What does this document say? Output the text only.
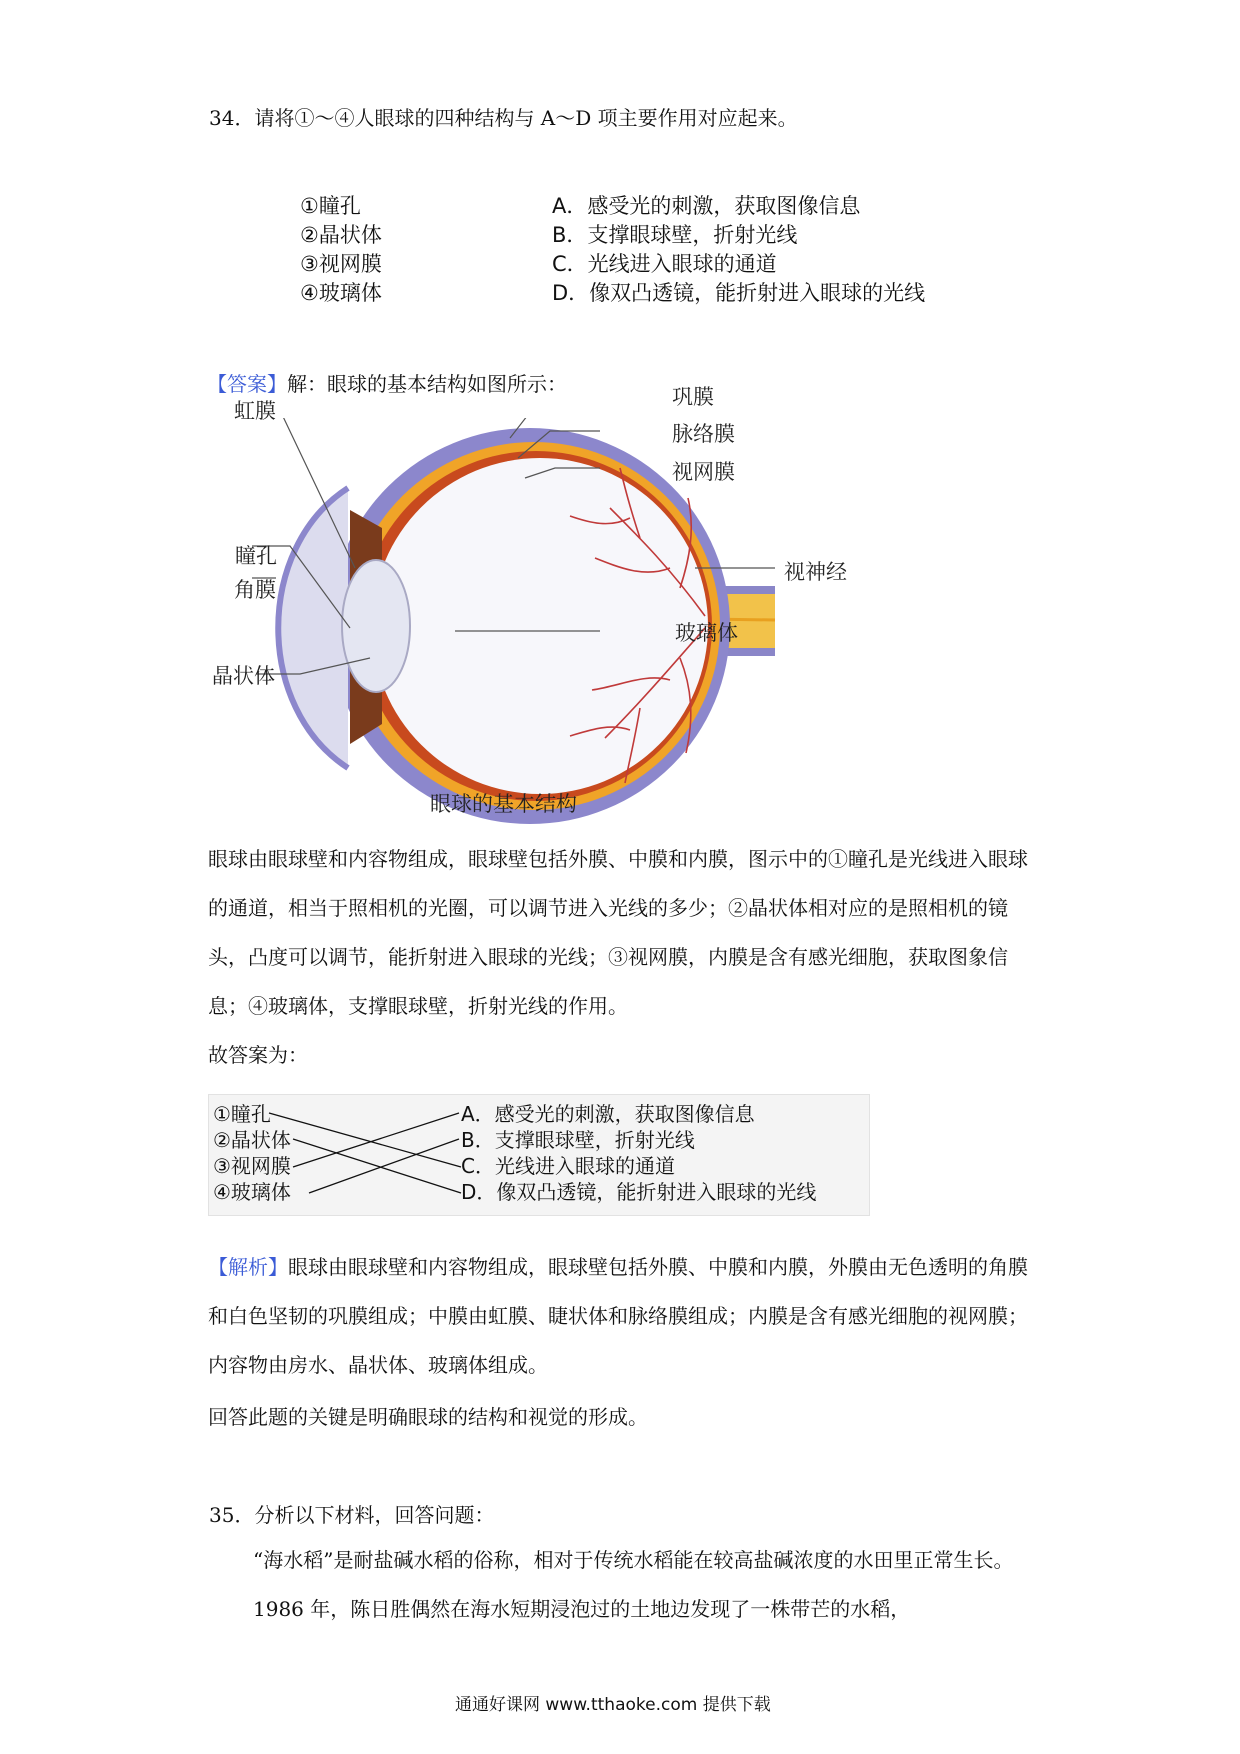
34．请将①～④人眼球的四种结构与 A～D 项主要作用对应起来。
①瞳孔
②晶状体
③视网膜
④玻璃体
A．感受光的刺激，获取图像信息
B．支撑眼球壁，折射光线
C．光线进入眼球的通道
D．像双凸透镜，能折射进入眼球的光线
【答案】解：眼球的基本结构如图所示：
虹膜
瞳孔
角膜
晶状体
巩膜
脉络膜
视网膜
视神经
玻璃体
眼球的基本结构
眼球由眼球壁和内容物组成，眼球壁包括外膜、中膜和内膜，图示中的①瞳孔是光线进入眼球的通道，相当于照相机的光圈，可以调节进入光线的多少；②晶状体相对应的是照相机的镜头，凸度可以调节，能折射进入眼球的光线；③视网膜，内膜是含有感光细胞，获取图象信息；④玻璃体，支撑眼球壁，折射光线的作用。
故答案为：
①瞳孔
②晶状体
③视网膜
④玻璃体
A．感受光的刺激，获取图像信息
B．支撑眼球壁，折射光线
C．光线进入眼球的通道
D．像双凸透镜，能折射进入眼球的光线
【解析】眼球由眼球壁和内容物组成，眼球壁包括外膜、中膜和内膜，外膜由无色透明的角膜和白色坚韧的巩膜组成；中膜由虹膜、睫状体和脉络膜组成；内膜是含有感光细胞的视网膜；内容物由房水、晶状体、玻璃体组成。
回答此题的关键是明确眼球的结构和视觉的形成。
35．分析以下材料，回答问题：
“海水稻”是耐盐碱水稻的俗称，相对于传统水稻能在较高盐碱浓度的水田里正常生长。1986 年，陈日胜偶然在海水短期浸泡过的土地边发现了一株带芒的水稻，
通通好课网 www.tthaoke.com 提供下载
